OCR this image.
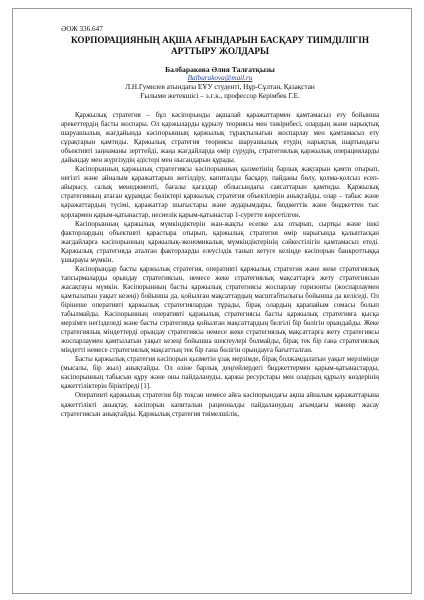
ӘОЖ 336.647
КОРПОРАЦИЯНЫҢ АҚША АҒЫНДАРЫН БАСҚАРУ ТИІМДІЛІГІН АРТТЫРУ ЖОЛДАРЫ
Балбаракова Әлия Талғатқызы
Balbarakova@mail.ru
Л.Н.Гумилев атындағы ЕҰУ студенті, Нұр-Сұлтан, Қазақстан
Ғылыми жетекшісі – э.ғ.к., профессор Керімбек Г.Е.

Қаржылық стратегия – бұл кәсіпорынды ақшалай қаражаттармен қамтамасыз ету бойынша әрекеттердің басты жоспары. Ол қаржыларды құрылу теориясы мен тәжірибесі, олардың және нарықтық шаруашылық жағдайында кәсіпорынның қаржылық тұрақтылығын жоспарлау мен қамтамасыз ету сұрақтарын қамтиды. Қаржылық стратегия теориясы шаруашылық етудің нарықтық шартындағы объективті заңнаманы зерттейді, жаңа жағдайларда өмір сүрудің, стратегиялық қаржылық операцияларды дайындау мен жүргізудің әдістері мен нысандарын құрады.

Кәсіпорынның қаржылық стратегиясы кәсіпорынның қызметінің барлық жақтарын қамти отырып, негізгі және айналым қаражаттарын жетілдіру, капиталды басқару, пайданы бөлу, қолма-қолсыз есеп-айырысу, салық менеджменті, бағалы қағаздар облысындағы саясаттарын қамтиды. Қаржылық стратегияның атаған құрамдас бөліктері қаржылық стратегия объектілерін анықтайды, олар – табыс және қаражаттардың түсімі, қаражаттар шығыстары және аударымдары, бюджеттік және бюджеттен тыс қорлармен қарым-қатынастар, несиелік қарым-қатынастар 1-суретте көрсетілген.

Кәсіпорынның қаржылық мүмкіндіктерін жан-жақты есепке ала отырып, сыртқы және ішкі факторлардың объективті қарастыра отырып, қаржылық стратегия өмір нарығында қалыптасқан жағдайларға кәсіпорынның қаржылық-экономикалық мүмкіндіктерінің сәйкестілігін қамтамасыз етеді. Қаржылық стратегияда аталған факторларды елеусіздік танып кетуге келіңде кәсіпорын банкроттыққа ұшырауы мүмкін.

Кәсіпорындар басты қаржылық стратегия, оперативті қаржылық стратегия және жеке стратегиялық тапсырмаларды орындау стратегиясын, немесе жеке стратегиялық мақсаттарға жету стратегиясын жасақтауы мүмкін. Кәсіпорынның басты қаржылық стратегиясы жоспарлау горизонты (жоспарлаумен қамтылатын уақыт кезеңі) бойынша да, қойылған мақсаттардың масштабтылығы бойынша да келіседі. Ол бірінеше оперативті қаржылық стратегиялардан тұрады, бірақ олардың қарапайым сомасы болып табылмайды. Кәсіпорынның оперативті қаржылық стратегиясы басты қаржылық стратегияға қысқа мерзімге негізделеді және басты стратегияда қойылған мақсаттардың белгілі бір бөлігін орындайды. Жеке стратегиялық міндеттерді орындау стратегиясы немесе жеке стратегиялық мақсаттарға жету стратегиясы жоспарлаумен қамтылатын уақыт кезеңі бойынша шектеулері болмайды, бірақ тек бір ғана стратегиялық міндетті немесе стратегиялық мақсаттың тек бір ғана бөлігін орындауға бағытталған.

Басты қаржылық стратегия кәсіпорын қызметін ұзақ мерзімде, бірақ болжамдалатын уақыт мерзімінде (мысалы, бір жыл) анықтайды. Ол өзіне барлық деңгейлердегі бюджеттермен қарым-қатынастарды, кәсіпорынның табысын құру және оны пайдалануды, қаржы ресурстары мен олардың құрылу көздерінің қажеттіліктерін біріктіреді [1].

Оперативті қаржылық стратегия бір тоқсан немесе айға кәсіпорындағы ақша айналым қаражаттарына қажеттілікті анықтау, кәсіпорын капиталын рационалды пайдаланудың ағымдағы маневр жасау стратегиясын анықтайды. Қаржылық стратегия тиімелшілік,
